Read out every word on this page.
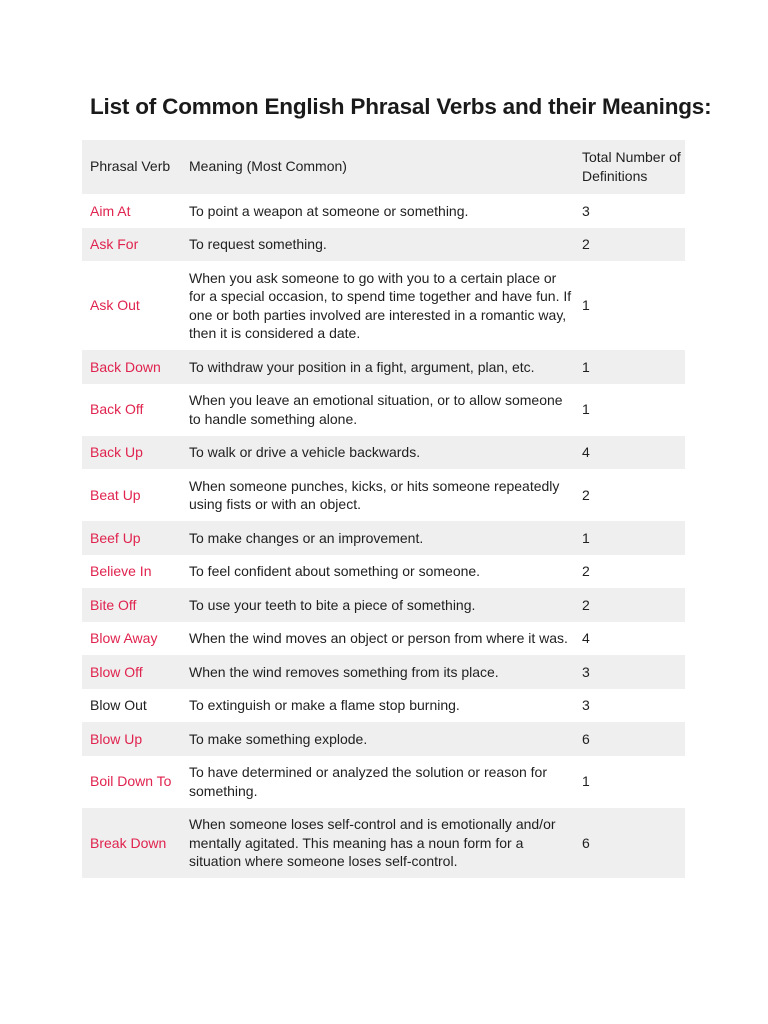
List of Common English Phrasal Verbs and their Meanings:
Phrasal Verb	Meaning (Most Common)	Total Number of Definitions
Aim At	To point a weapon at someone or something.	3
Ask For	To request something.	2
Ask Out	When you ask someone to go with you to a certain place or for a special occasion, to spend time together and have fun. If one or both parties involved are interested in a romantic way, then it is considered a date.	1
Back Down	To withdraw your position in a fight, argument, plan, etc.	1
Back Off	When you leave an emotional situation, or to allow someone to handle something alone.	1
Back Up	To walk or drive a vehicle backwards.	4
Beat Up	When someone punches, kicks, or hits someone repeatedly using fists or with an object.	2
Beef Up	To make changes or an improvement.	1
Believe In	To feel confident about something or someone.	2
Bite Off	To use your teeth to bite a piece of something.	2
Blow Away	When the wind moves an object or person from where it was.	4
Blow Off	When the wind removes something from its place.	3
Blow Out	To extinguish or make a flame stop burning.	3
Blow Up	To make something explode.	6
Boil Down To	To have determined or analyzed the solution or reason for something.	1
Break Down	When someone loses self-control and is emotionally and/or mentally agitated. This meaning has a noun form for a situation where someone loses self-control.	6
